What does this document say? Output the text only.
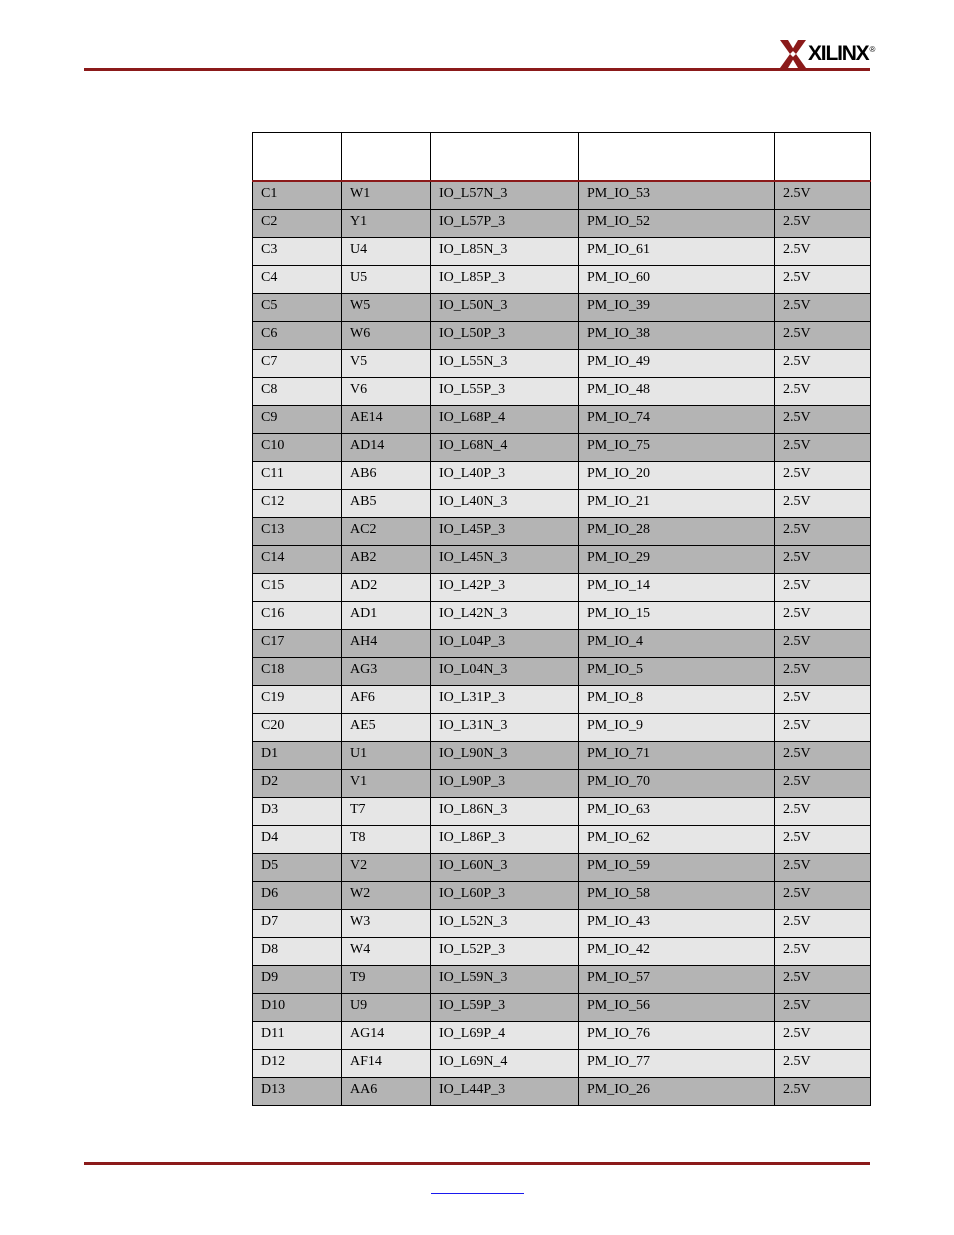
XILINX ®

C1	W1	IO_L57N_3	PM_IO_53	2.5V
C2	Y1	IO_L57P_3	PM_IO_52	2.5V
C3	U4	IO_L85N_3	PM_IO_61	2.5V
C4	U5	IO_L85P_3	PM_IO_60	2.5V
C5	W5	IO_L50N_3	PM_IO_39	2.5V
C6	W6	IO_L50P_3	PM_IO_38	2.5V
C7	V5	IO_L55N_3	PM_IO_49	2.5V
C8	V6	IO_L55P_3	PM_IO_48	2.5V
C9	AE14	IO_L68P_4	PM_IO_74	2.5V
C10	AD14	IO_L68N_4	PM_IO_75	2.5V
C11	AB6	IO_L40P_3	PM_IO_20	2.5V
C12	AB5	IO_L40N_3	PM_IO_21	2.5V
C13	AC2	IO_L45P_3	PM_IO_28	2.5V
C14	AB2	IO_L45N_3	PM_IO_29	2.5V
C15	AD2	IO_L42P_3	PM_IO_14	2.5V
C16	AD1	IO_L42N_3	PM_IO_15	2.5V
C17	AH4	IO_L04P_3	PM_IO_4	2.5V
C18	AG3	IO_L04N_3	PM_IO_5	2.5V
C19	AF6	IO_L31P_3	PM_IO_8	2.5V
C20	AE5	IO_L31N_3	PM_IO_9	2.5V
D1	U1	IO_L90N_3	PM_IO_71	2.5V
D2	V1	IO_L90P_3	PM_IO_70	2.5V
D3	T7	IO_L86N_3	PM_IO_63	2.5V
D4	T8	IO_L86P_3	PM_IO_62	2.5V
D5	V2	IO_L60N_3	PM_IO_59	2.5V
D6	W2	IO_L60P_3	PM_IO_58	2.5V
D7	W3	IO_L52N_3	PM_IO_43	2.5V
D8	W4	IO_L52P_3	PM_IO_42	2.5V
D9	T9	IO_L59N_3	PM_IO_57	2.5V
D10	U9	IO_L59P_3	PM_IO_56	2.5V
D11	AG14	IO_L69P_4	PM_IO_76	2.5V
D12	AF14	IO_L69N_4	PM_IO_77	2.5V
D13	AA6	IO_L44P_3	PM_IO_26	2.5V
